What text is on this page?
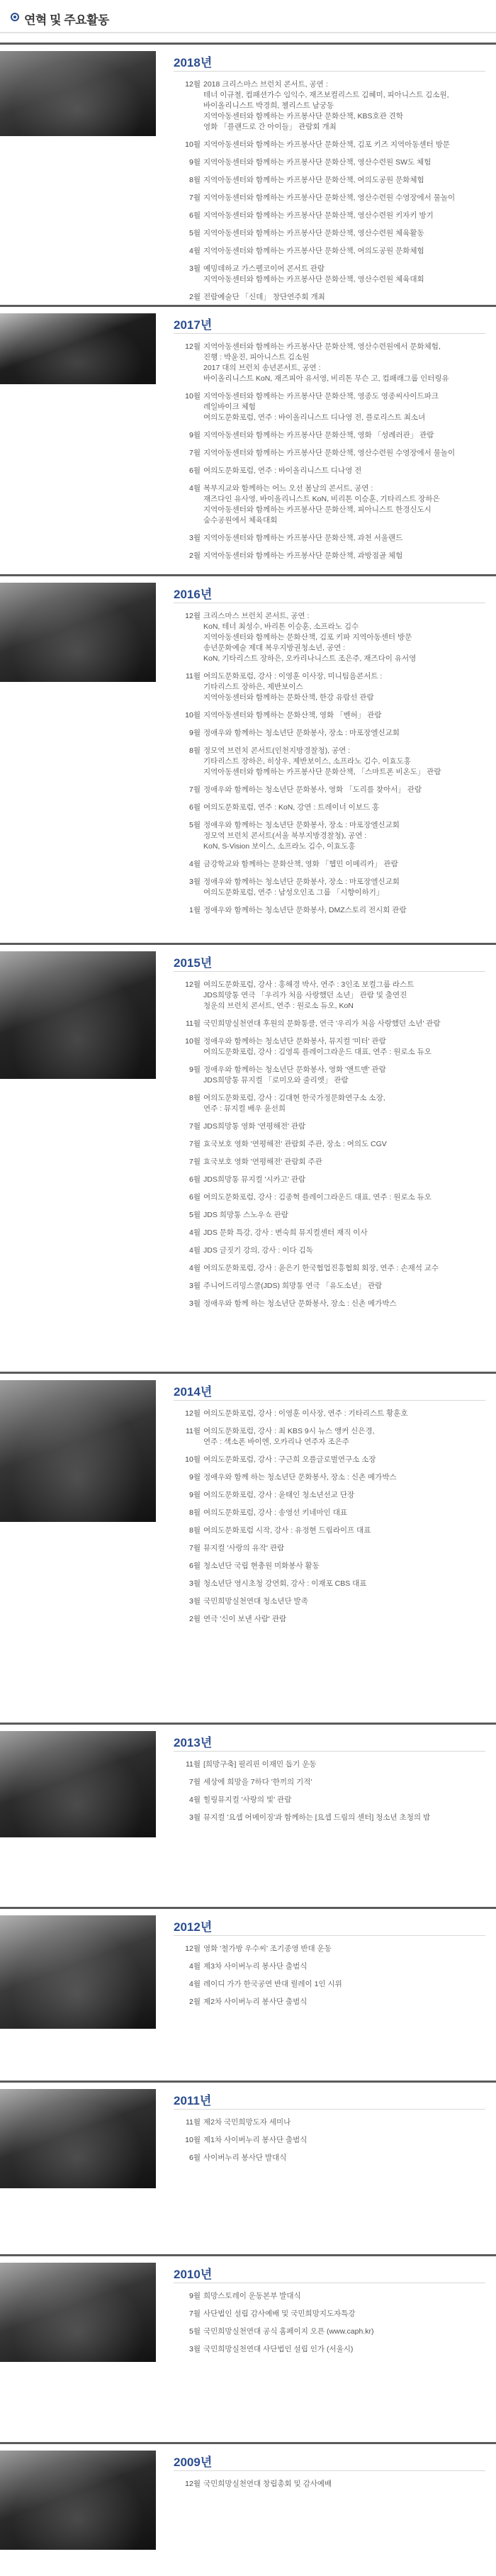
연혁 및 주요활동
2018년
12월 2018 크리스마스 브런치 콘서트, 공연 :
테너 이규철, 컴패션가수 임익수, 재즈보컬리스트 김혜미, 피아니스트 김소원,
바이올리니스트 박경희, 첼리스트 남궁동
지역아동센터와 함께하는 카프봉사단 문화산책, KBS호관 견학
영화 「플랜드로 간 아이들」 관람회 개최
10월 지역아동센터와 함께하는 카프봉사단 문화산책, 김포 키즈 지역아동센터 방문
9월 지역아동센터와 함께하는 카프봉사단 문화산책, 영산수련원 SW도 체험
8월 지역아동센터와 함께하는 카프봉사단 문화산책, 여의도공원 문화체험
7월 지역아동센터와 함께하는 카프봉사단 문화산책, 영산수련원 수영장에서 물놀이
6월 지역아동센터와 함께하는 카프봉사단 문화산책, 영산수련원 키자키 방기
5월 지역아동센터와 함께하는 카프봉사단 문화산책, 영산수련원 체육활동
4월 지역아동센터와 함께하는 카프봉사단 문화산책, 여의도공원 문화체험
3월 예밍데하교 가스펠코이어 콘서트 관람
지역아동센터와 함께하는 카프봉사단 문화산책, 영산수련원 체육대회
2월 전람예술단 「신데」 창단연주회 개최
2017년
12월 지역아동센터와 함께하는 카프봉사단 문화산책, 영산수련원에서 문화체험,
진행 : 박윤진, 피아니스트 김소원
2017 대의 브런치 송년콘서트, 공연 :
바이올리니스트 KoN, 재즈피아 유서영, 비리톤 무슨 고, 컴패래그룹 인터링유
10월 지역아동센터와 함께하는 카프봉사단 문화산책, 영종도 영종씨사이드파크
레일바이크 체험
여의도문화포럼, 연주 : 바이올리니스트 디나영 전, 플로리스트 최소녀
9월 지역아동센터와 함께하는 카프봉사단 문화산책, 영화 「성례러관」 관람
7월 지역아동센터와 함께하는 카프봉사단 문화산책, 영산수련원 수영장에서 물놀이
6월 여의도문화포럼, 연주 : 바이올리니스트 디나영 전
4월 복부지교와 함께하는 어느 오선 봄날의 콘서트, 공연 :
재즈다인 유사영, 바이올리니스트 KoN, 비리톤 이승훈, 기타리스트 장하은
지역아동센터와 함께하는 카프봉사단 문화산책, 피아니스트 한경신도시
숲수공원에서 체육대회
3월 지역아동센터와 함께하는 카프봉사단 문화산책, 과천 서울랜드
2월 지역아동센터와 함께하는 카프봉사단 문화산책, 과방점골 체험
2016년
12월 크리스마스 브런치 콘서트, 공연 :
KoN, 테너 최성수, 바리톤 이승훈, 소프라노 김수
지역아동센터와 함께하는 문화산책, 김포 키파 지역아동센터 방문
송년문화예술 제대 복우지방권청소년, 공연 :
KoN, 기타리스트 장하은, 오카리나니스트 조은주, 재즈다이 유서영
11월 여의도문화포럼, 강사 : 이영훈 이사장, 미니팀음콘서트 :
기타리스트 장하은, 제반보이스
지역아동센터와 함께하는 문화산책, 한강 유람선 관람
10월 지역아동센터와 함께하는 문화산책, 영화 「벤허」 관람
9월 정애우와 함께하는 청소년단 문화봉사, 장소 : 마포장엘신교회
8월 정모역 브런치 콘서트(인천지방경찰청), 공연 :
기타리스트 장하은, 히상우, 제반보이스, 소프라노 김수, 이효도홍
지역아동센터와 함께하는 카프봉사단 문화산책, 「스마트폰 비온도」 관람
7월 정애우와 함께하는 청소년단 문화봉사, 영화 「도리를 찾아서」 관람
6월 여의도문화포럼, 연주 : KoN, 강연 : 트레이너 이보드 홍
5월 정애우와 함께하는 청소년단 문화봉사, 장소 : 마포장엘신교회
정모역 브런치 콘서트(서울 북부지방경찰청), 공연 :
KoN, S-Vision 보이스, 소프라노 김수, 이효도홍
4월 금강학교와 함께하는 문화산책, 영화 「헵민 이메리카」 관람
3월 정애우와 함께하는 청소년단 문화봉사, 장소 : 마포장엘신교회
여의도문화포럼, 연주 : 남성오인조 그룹 「시향이하기」
1월 정애우와 함께하는 청소년단 문화봉사, DMZ스토리 전시회 관람
2015년
12월 여의도문화포럼, 강사 : 홍해경 박사, 연주 : 3인조 보컬그룹 라스트
JDS희망통 연극 「우리가 처음 사랑했던 소년」 관람 및 출연진
청운의 브런치 콘서트, 연주 : 원로소 듀오, KoN
11월 국민희망실천연대 후원의 문화통클, 연극 '우리가 처음 사랑했던 소년' 관람
10월 정애우와 함께하는 청소년단 문화봉사, 뮤지컬 '미터' 관람
여의도문화포럼, 강사 : 김영록 플레이그라운드 대표, 연주 : 원로소 듀오
9월 정애우와 함께하는 청소년단 문화봉사, 영화 '앤트맨' 관람
JDS희망통 뮤지컬 「로미오와 줄리엣」 관람
8월 여의도문화포럼, 강사 : 김대현 한국가정문화연구소 소장,
연주 : 뮤지컬 배우 윤선희
7월 JDS희망통 영화 '연평해전' 관람
7월 효국보호 영화 '연평해전' 관람회 주관, 장소 : 여의도 CGV
7월 효국보호 영화 '연평해전' 관람회 주관
6월 JDS희망통 뮤지컬 '시카고' 관람
6월 여의도문화포럼, 강사 : 김종혁 플레이그라운드 대표, 연주 : 원로소 듀오
5월 JDS 희망통 스노우쇼 관람
4월 JDS 문화 특강, 강사 : 변숙희 뮤지컬센터 재직 이사
4월 JDS 글짓기 강의, 강사 : 이다 김독
4월 여의도문화포럼, 강사 : 윤은기 한국협업진흥협회 회장, 연주 : 손재석 교수
3월 주니어드리밍스쿨(JDS) 희망통 연극 「유도소년」 관람
3월 정애우와 함께 하는 청소년단 문화봉사, 장소 : 신촌 메가박스
2014년
12월 여의도문화포럼, 강사 : 이영훈 이사장, 연주 : 기타리스트 황훈호
11월 여의도문화포럼, 강사 : 최 KBS 9시 뉴스 앵커 신은경,
연주 : 색소폰 바이엔, 오카리나 연주자 조은주
10월 여의도문화포럼, 강사 : 구근희 오플글로벌연구소 소장
9월 정애우와 함께 하는 청소년단 문화봉사, 장소 : 신촌 메가박스
9월 여의도문화포럼, 강사 : 윤태인 청소년선교 단장
8월 여의도문화포럼, 강사 : 송영선 키네마인 대표
8월 여의도문화포럼 시작, 강사 : 유정현 드림라이프 대표
7월 뮤지컬 '사랑의 유작' 관람
6월 청소년단 국립 현충원 미화봉사 활동
3월 청소년단 영시초청 강연회, 강사 : 이재포 CBS 대표
3월 국민희망실천연대 청소년단 발족
2월 연극 '신이 보낸 사람' 관람
2013년
11월 [희망구축] 필리핀 이재민 돕기 운동
7월 세상에 희망을 7하다 '한끼의 기적'
4월 힐링뮤지컬 '사랑의 빛' 관람
3월 뮤지컬 '요셉 어메이징'과 함께하는 [요셉 드림의 센터] 청소년 초청의 밤
2012년
12월 영화 '철가방 우수씨' 조기종영 반대 운동
4월 제3차 사이버누리 봉사단 출범식
4월 레이디 가가 한국공연 반대 릴레이 1인 시위
2월 제2차 사이버누리 봉사단 출범식
2011년
11월 제2차 국민희망도자 세미나
10월 제1차 사이버누리 봉사단 출범식
6월 사이버누리 봉사단 발대식
2010년
9월 희망스토레이 운동본부 발대식
7월 사단법인 설립 감사예배 및 국민희망지도자특강
5월 국민희망실천연대 공식 홈페이지 오픈 (www.caph.kr)
3월 국민희망실천연대 사단법인 설립 인가 (서울시)
2009년
12월 국민희망실천연대 창립총회 및 감사예배
